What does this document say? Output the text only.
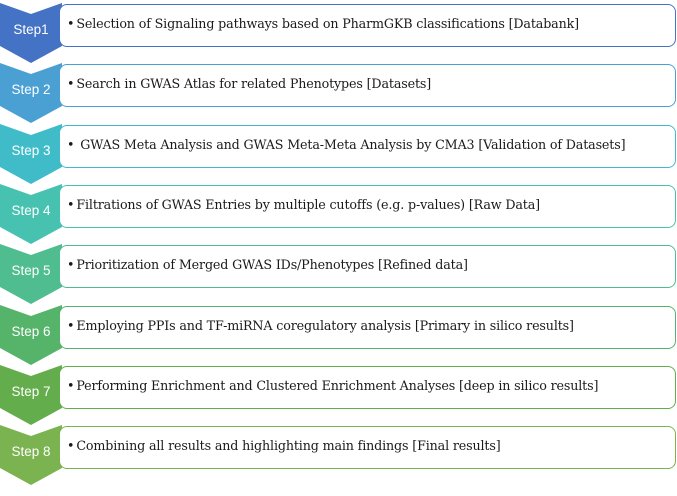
Step1	• Selection of Signaling pathways based on PharmGKB classifications [Databank]
Step 2	• Search in GWAS Atlas for related Phenotypes [Datasets]
Step 3	• GWAS Meta Analysis and GWAS Meta-Meta Analysis by CMA3 [Validation of Datasets]
Step 4	• Filtrations of GWAS Entries by multiple cutoffs (e.g. p-values) [Raw Data]
Step 5	• Prioritization of Merged GWAS IDs/Phenotypes [Refined data]
Step 6	• Employing PPIs and TF-miRNA coregulatory analysis [Primary in silico results]
Step 7	• Performing Enrichment and Clustered Enrichment Analyses [deep in silico results]
Step 8	• Combining all results and highlighting main findings [Final results]
